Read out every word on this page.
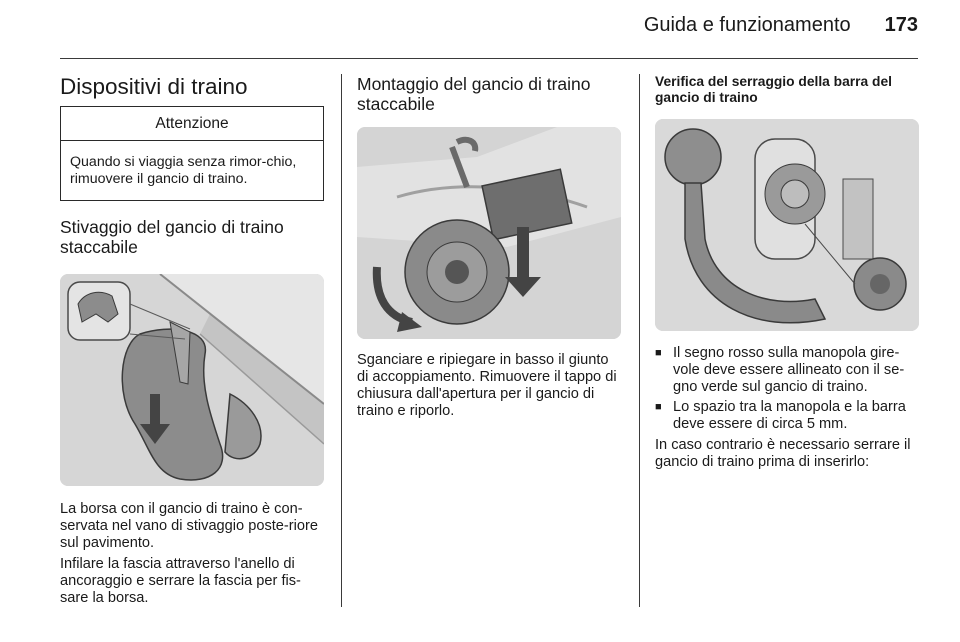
Guida e funzionamento 173
Dispositivi di traino
Attenzione
Quando si viaggia senza rimor-chio, rimuovere il gancio di traino.
Stivaggio del gancio di traino staccabile

La borsa con il gancio di traino è con-servata nel vano di stivaggio poste-riore sul pavimento.

Infilare la fascia attraverso l'anello di ancoraggio e serrare la fascia per fis-sare la borsa.

Montaggio del gancio di traino staccabile

Sganciare e ripiegare in basso il giunto di accoppiamento. Rimuovere il tappo di chiusura dall'apertura per il gancio di traino e riporlo.

Verifica del serraggio della barra del gancio di traino
■ Il segno rosso sulla manopola gire-vole deve essere allineato con il se-gno verde sul gancio di traino.
■ Lo spazio tra la manopola e la barra deve essere di circa 5 mm.

In caso contrario è necessario serrare il gancio di traino prima di inserirlo:
